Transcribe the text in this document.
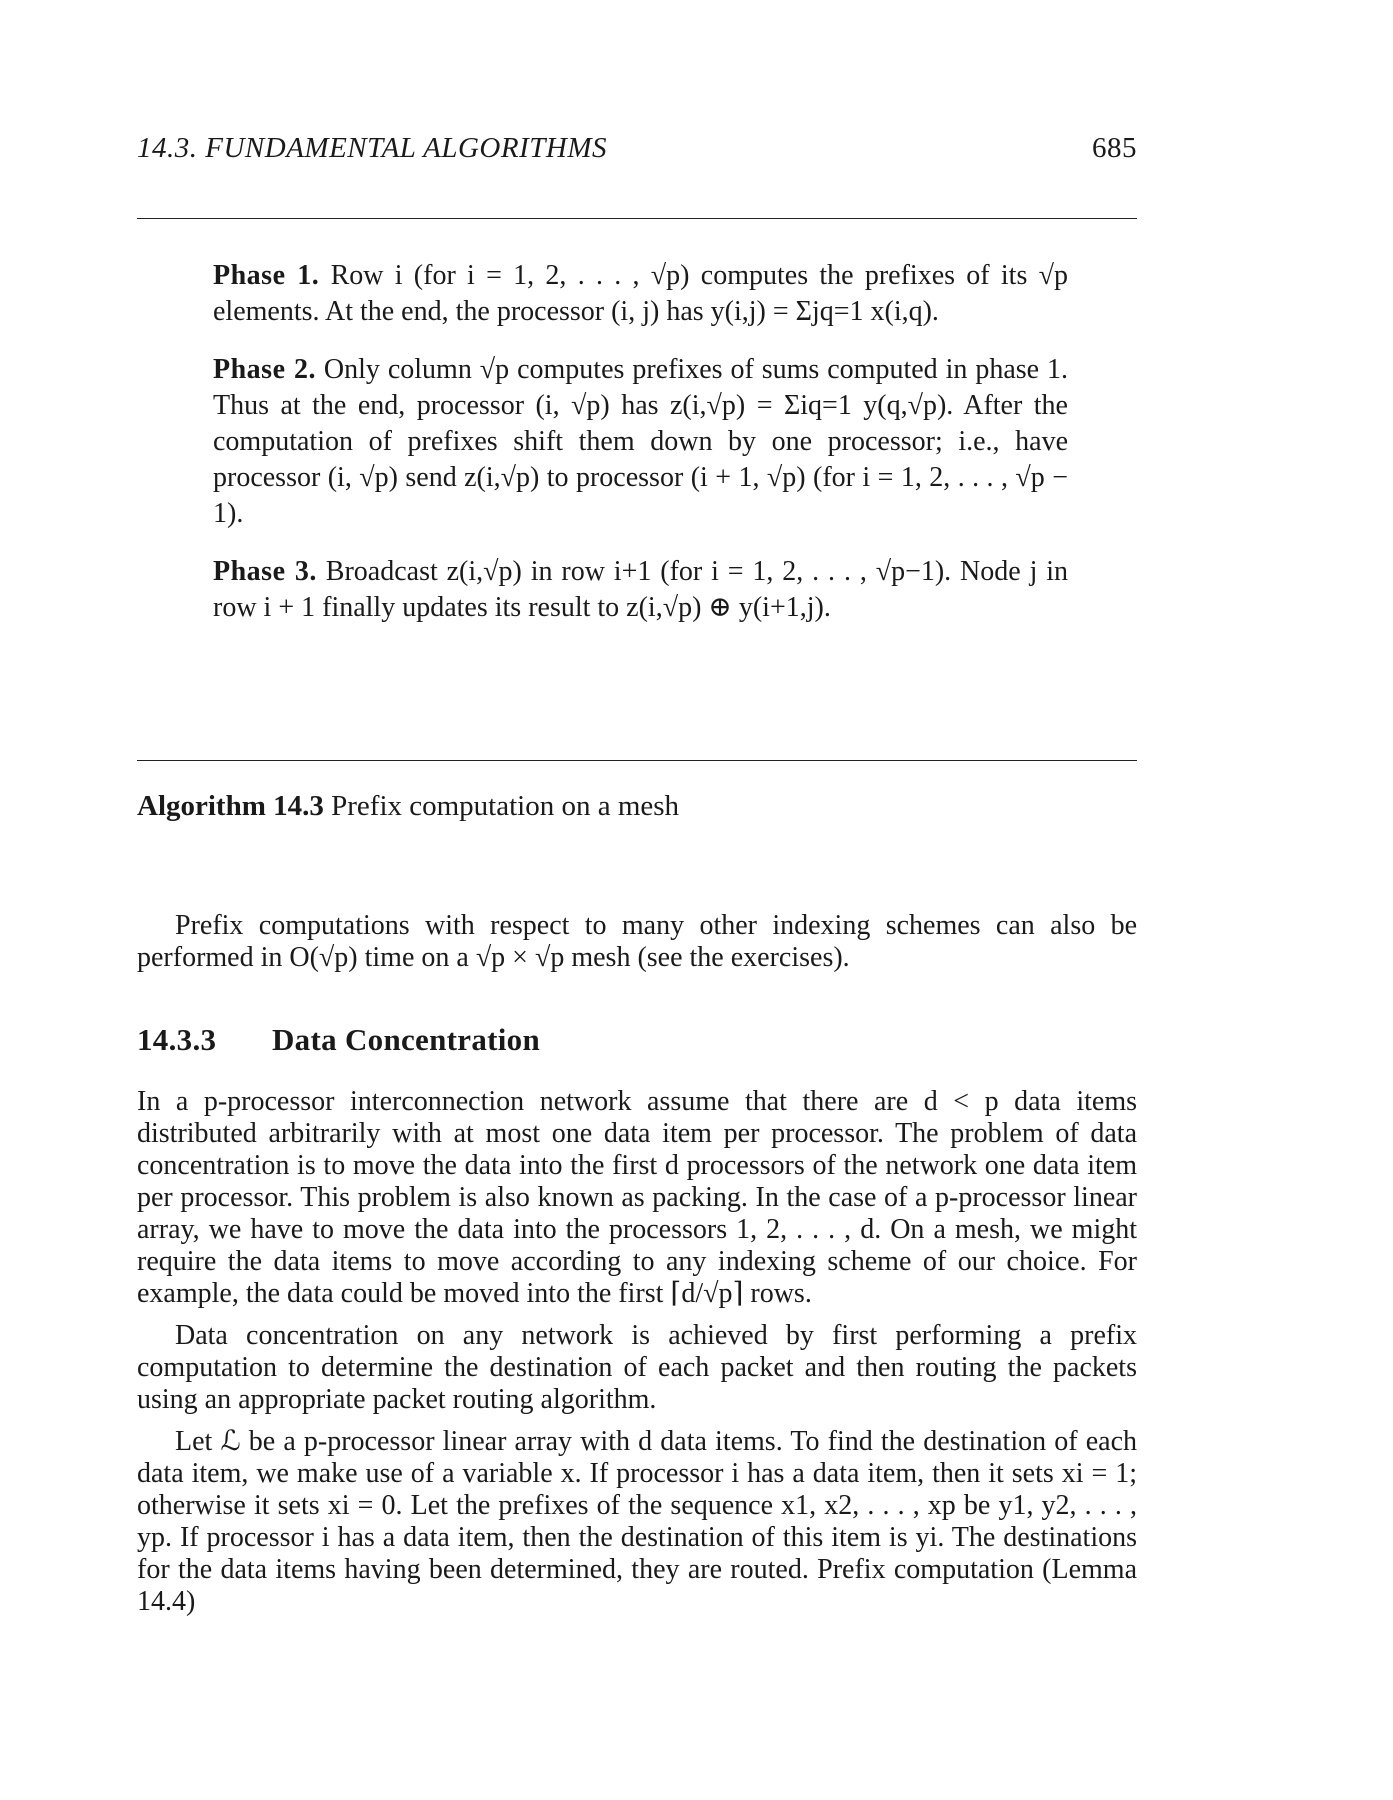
14.3. FUNDAMENTAL ALGORITHMS	685

Phase 1. Row i (for i = 1, 2, . . . , √p) computes the prefixes of its √p elements. At the end, the processor (i, j) has y(i,j) = Σjq=1 x(i,q).

Phase 2. Only column √p computes prefixes of sums computed in phase 1. Thus at the end, processor (i, √p) has z(i,√p) = Σiq=1 y(q,√p). After the computation of prefixes shift them down by one processor; i.e., have processor (i, √p) send z(i,√p) to processor (i + 1, √p) (for i = 1, 2, . . . , √p − 1).

Phase 3. Broadcast z(i,√p) in row i+1 (for i = 1, 2, . . . , √p−1). Node j in row i + 1 finally updates its result to z(i,√p) ⊕ y(i+1,j).

Algorithm 14.3 Prefix computation on a mesh

Prefix computations with respect to many other indexing schemes can also be performed in O(√p) time on a √p × √p mesh (see the exercises).

14.3.3 Data Concentration

In a p-processor interconnection network assume that there are d < p data items distributed arbitrarily with at most one data item per processor. The problem of data concentration is to move the data into the first d processors of the network one data item per processor. This problem is also known as packing. In the case of a p-processor linear array, we have to move the data into the processors 1, 2, . . . , d. On a mesh, we might require the data items to move according to any indexing scheme of our choice. For example, the data could be moved into the first ⌈d/√p⌉ rows.

Data concentration on any network is achieved by first performing a prefix computation to determine the destination of each packet and then routing the packets using an appropriate packet routing algorithm.

Let ℒ be a p-processor linear array with d data items. To find the destination of each data item, we make use of a variable x. If processor i has a data item, then it sets xi = 1; otherwise it sets xi = 0. Let the prefixes of the sequence x1, x2, . . . , xp be y1, y2, . . . , yp. If processor i has a data item, then the destination of this item is yi. The destinations for the data items having been determined, they are routed. Prefix computation (Lemma 14.4)
